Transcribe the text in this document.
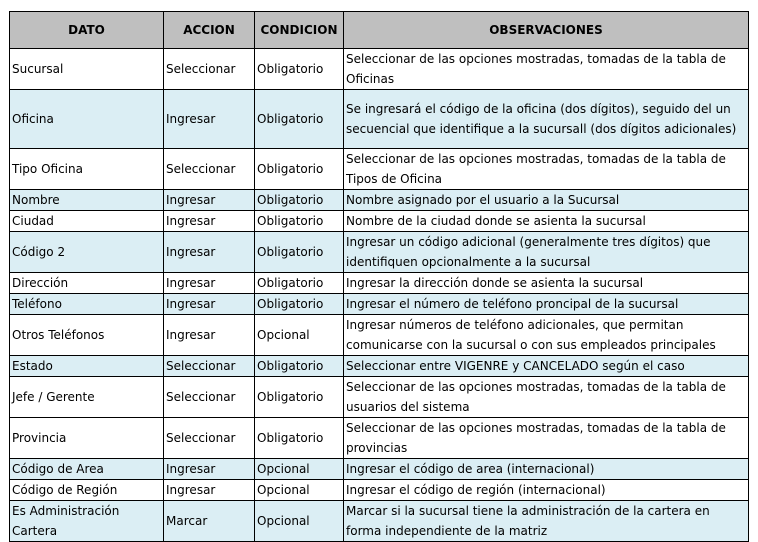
DATO	ACCION	CONDICION	OBSERVACIONES
Sucursal	Seleccionar	Obligatorio	Seleccionar de las opciones mostradas, tomadas de la tabla de Oficinas
Oficina	Ingresar	Obligatorio	Se ingresará el código de la oficina (dos dígitos), seguido del un secuencial que identifique a la sucursall (dos dígitos adicionales)
Tipo Oficina	Seleccionar	Obligatorio	Seleccionar de las opciones mostradas, tomadas de la tabla de Tipos de Oficina
Nombre	Ingresar	Obligatorio	Nombre asignado por el usuario a la Sucursal
Ciudad	Ingresar	Obligatorio	Nombre de la ciudad donde se asienta la sucursal
Código 2	Ingresar	Obligatorio	Ingresar un código adicional (generalmente tres dígitos) que identifiquen opcionalmente a la sucursal
Dirección	Ingresar	Obligatorio	Ingresar la dirección donde se asienta la sucursal
Teléfono	Ingresar	Obligatorio	Ingresar el número de teléfono proncipal de la sucursal
Otros Teléfonos	Ingresar	Opcional	Ingresar números de teléfono adicionales, que permitan comunicarse con la sucursal o con sus empleados principales
Estado	Seleccionar	Obligatorio	Seleccionar entre VIGENRE y CANCELADO según el caso
Jefe / Gerente	Seleccionar	Obligatorio	Seleccionar de las opciones mostradas, tomadas de la tabla de usuarios del sistema
Provincia	Seleccionar	Obligatorio	Seleccionar de las opciones mostradas, tomadas de la tabla de provincias
Código de Area	Ingresar	Opcional	Ingresar el código de area (internacional)
Código de Región	Ingresar	Opcional	Ingresar el código de región (internacional)
Es Administración Cartera	Marcar	Opcional	Marcar si la sucursal tiene la administración de la cartera en forma independiente de la matriz
